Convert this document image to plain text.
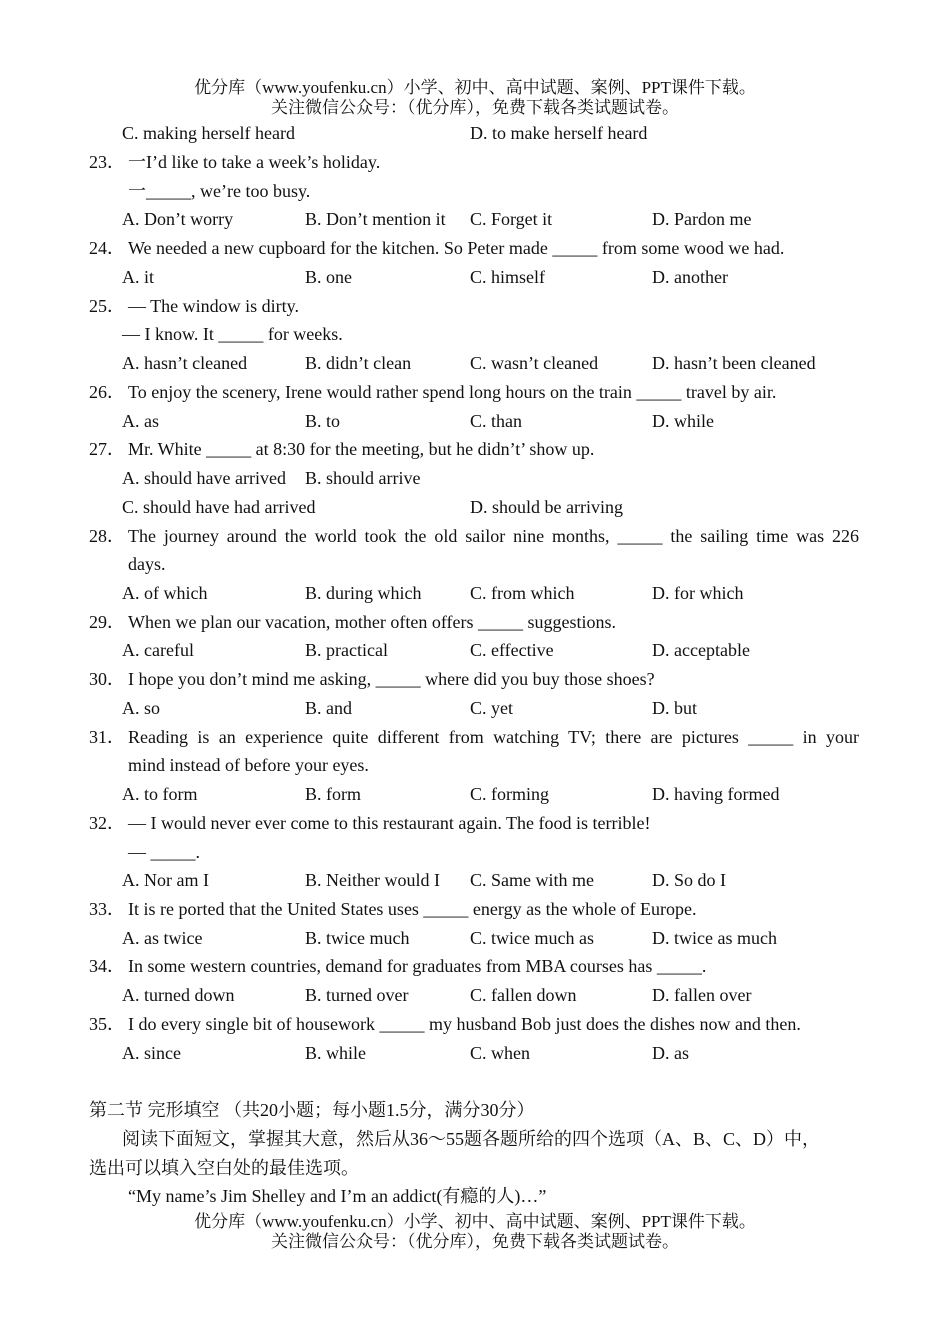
优分库（www.youfenku.cn）小学、初中、高中试题、案例、PPT课件下载。
关注微信公众号：（优分库），免费下载各类试题试卷。
C. making herself heard	D. to make herself heard
23． 一I’d like to take a week’s holiday.
一_____, we’re too busy.
A. Don’t worry	B. Don’t mention it C. Forget it	D. Pardon me
24． We needed a new cupboard for the kitchen. So Peter made _____ from some wood we had.
A. it	B. one	C. himself	D. another
25． — The window is dirty.
— I know. It _____ for weeks.
A. hasn’t cleaned	B. didn’t clean	C. wasn’t cleaned	D. hasn’t been cleaned
26． To enjoy the scenery, Irene would rather spend long hours on the train _____ travel by air.
A. as	B. to	C. than	D. while
27． Mr. White _____ at 8:30 for the meeting, but he didn’t’ show up.
A. should have arrived B. should arrive
C. should have had arrived	D. should be arriving
28． The journey around the world took the old sailor nine months, _____ the sailing time was 226
days.
A. of which	B. during which	C. from which	D. for which
29． When we plan our vacation, mother often offers _____ suggestions.
A. careful	B. practical	C. effective	D. acceptable
30． I hope you don’t mind me asking, _____ where did you buy those shoes?
A. so	B. and	C. yet	D. but
31． Reading is an experience quite different from watching TV; there are pictures _____ in your
mind instead of before your eyes.
A. to form	B. form	C. forming	D. having formed
32． — I would never ever come to this restaurant again. The food is terrible!
— _____.
A. Nor am I	B. Neither would I C. Same with me	D. So do I
33． It is re ported that the United States uses _____ energy as the whole of Europe.
A. as twice	B. twice much	C. twice much as	D. twice as much
34． In some western countries, demand for graduates from MBA courses has _____.
A. turned down	B. turned over	C. fallen down	D. fallen over
35． I do every single bit of housework _____ my husband Bob just does the dishes now and then.
A. since	B. while	C. when	D. as
第二节 完形填空 （共20小题；每小题1.5分，满分30分）
阅读下面短文，掌握其大意，然后从36～55题各题所给的四个选项（A、B、C、D）中，
选出可以填入空白处的最佳选项。
“My name’s Jim Shelley and I’m an addict(有瘾的人)…”
优分库（www.youfenku.cn）小学、初中、高中试题、案例、PPT课件下载。
关注微信公众号：（优分库），免费下载各类试题试卷。
